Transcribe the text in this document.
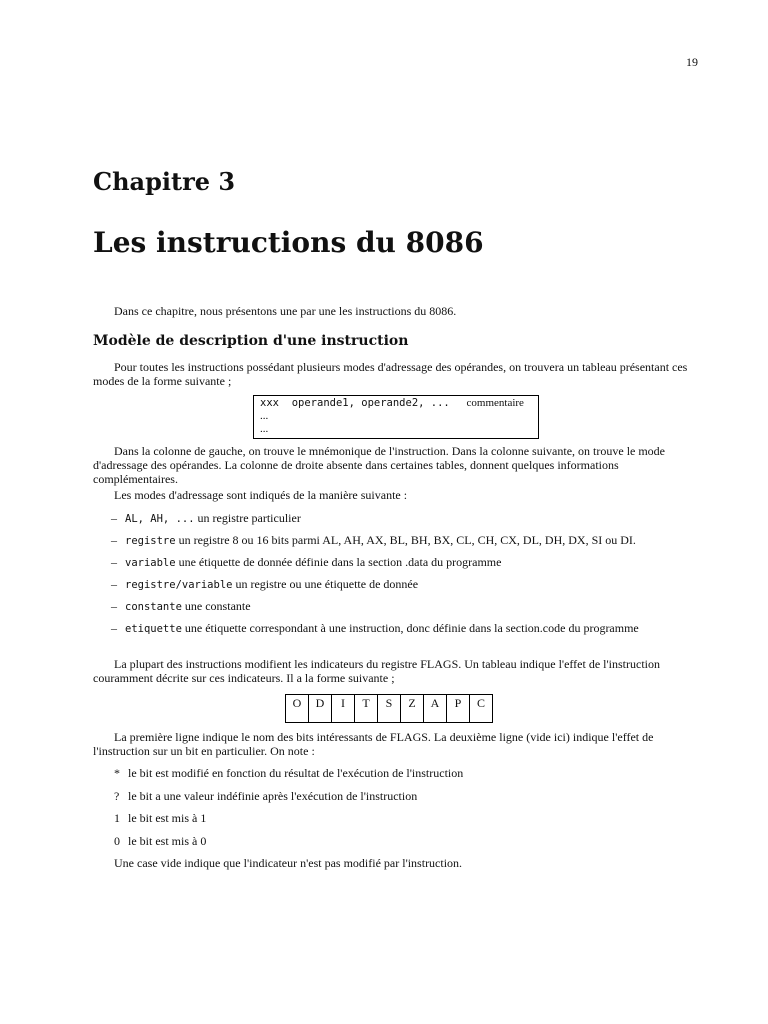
19
Chapitre 3
Les instructions du 8086
Dans ce chapitre, nous présentons une par une les instructions du 8086.
Modèle de description d'une instruction
Pour toutes les instructions possédant plusieurs modes d'adressage des opérandes, on trouvera un tableau présentant ces modes de la forme suivante ;
xxx operande1, operande2, ... commentaire
...
...
Dans la colonne de gauche, on trouve le mnémonique de l'instruction. Dans la colonne suivante, on trouve le mode d'adressage des opérandes. La colonne de droite absente dans certaines tables, donnent quelques informations complémentaires.
Les modes d'adressage sont indiqués de la manière suivante :
– AL, AH, ... un registre particulier
– registre un registre 8 ou 16 bits parmi AL, AH, AX, BL, BH, BX, CL, CH, CX, DL, DH, DX, SI ou DI.
– variable une étiquette de donnée définie dans la section .data du programme
– registre/variable un registre ou une étiquette de donnée
– constante une constante
– etiquette une étiquette correspondant à une instruction, donc définie dans la section.code du programme
La plupart des instructions modifient les indicateurs du registre FLAGS. Un tableau indique l'effet de l'instruction couramment décrite sur ces indicateurs. Il a la forme suivante ;
O	D	I	T	S	Z	A	P	C
La première ligne indique le nom des bits intéressants de FLAGS. La deuxième ligne (vide ici) indique l'effet de l'instruction sur un bit en particulier. On note :
* le bit est modifié en fonction du résultat de l'exécution de l'instruction
? le bit a une valeur indéfinie après l'exécution de l'instruction
1 le bit est mis à 1
0 le bit est mis à 0
Une case vide indique que l'indicateur n'est pas modifié par l'instruction.
